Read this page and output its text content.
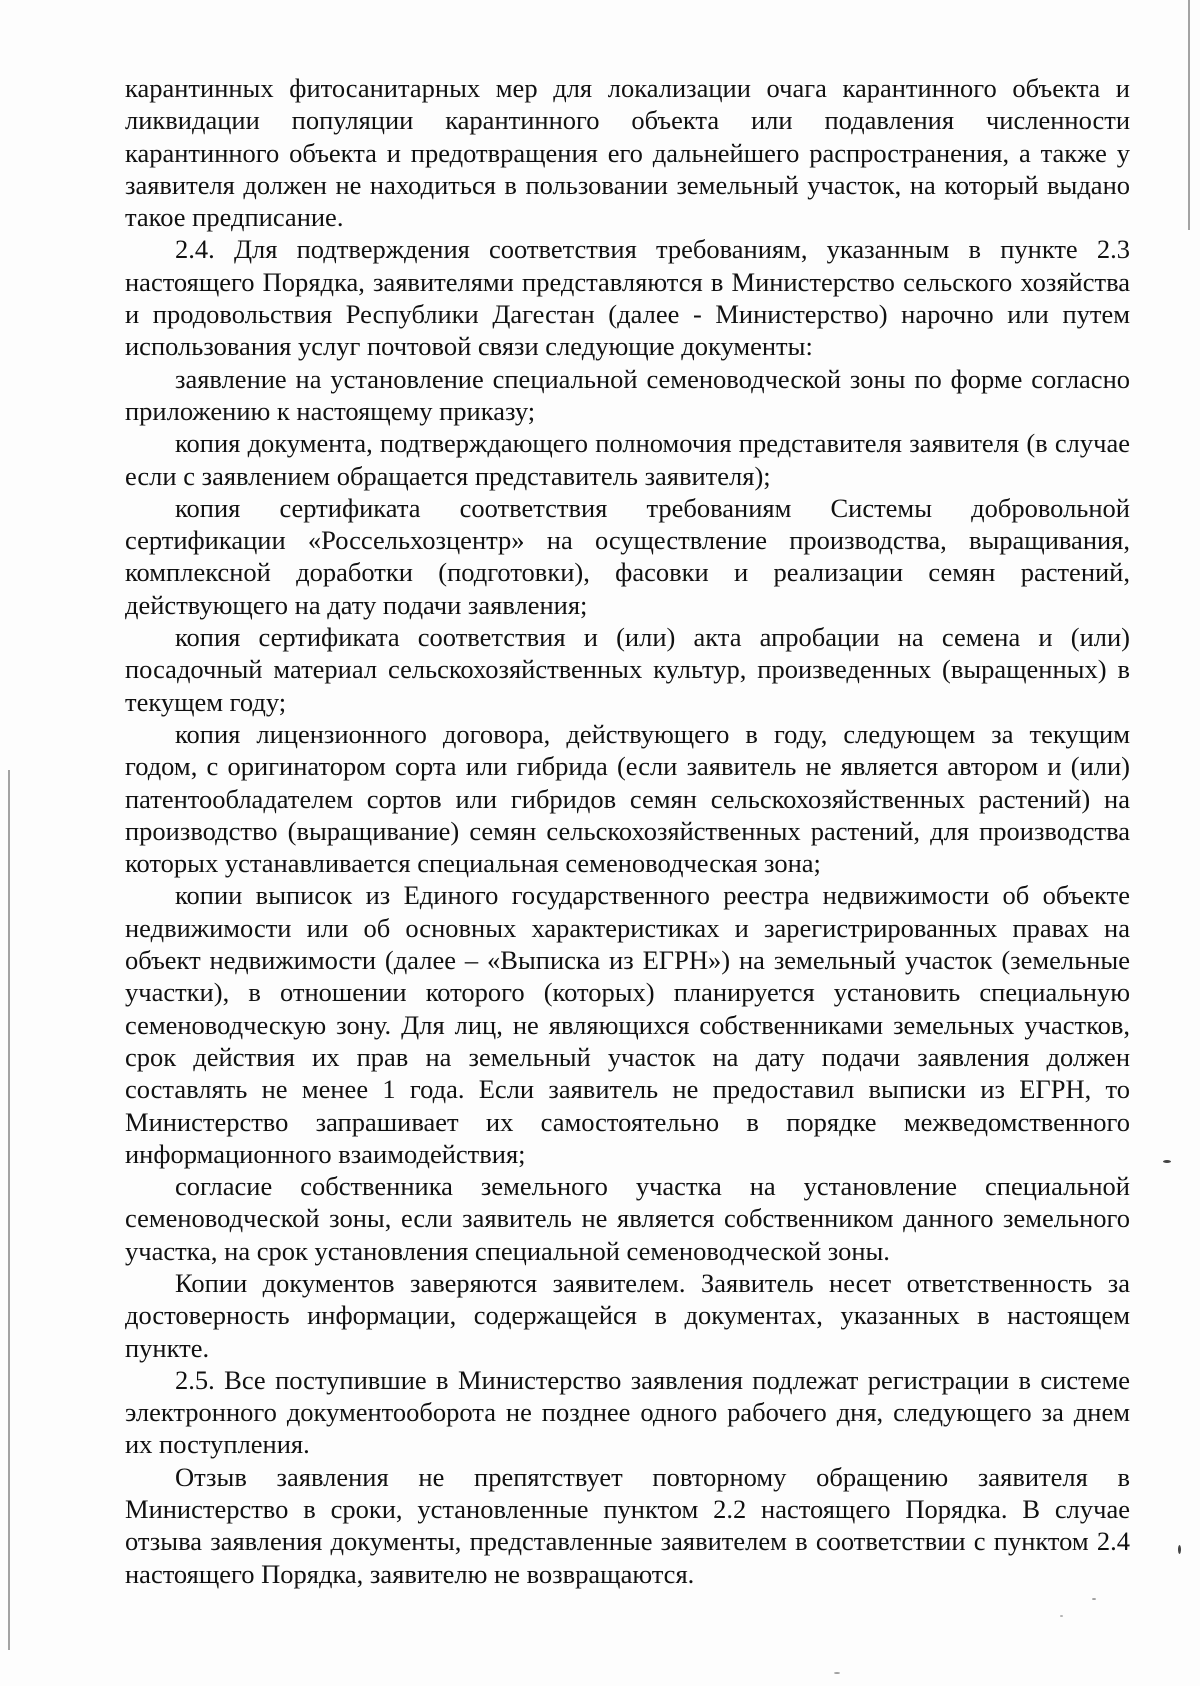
карантинных фитосанитарных мер для локализации очага карантинного объекта и ликвидации популяции карантинного объекта или подавления численности карантинного объекта и предотвращения его дальнейшего распространения, а также у заявителя должен не находиться в пользовании земельный участок, на который выдано такое предписание.

2.4. Для подтверждения соответствия требованиям, указанным в пункте 2.3 настоящего Порядка, заявителями представляются в Министерство сельского хозяйства и продовольствия Республики Дагестан (далее - Министерство) нарочно или путем использования услуг почтовой связи следующие документы:

заявление на установление специальной семеноводческой зоны по форме согласно приложению к настоящему приказу;

копия документа, подтверждающего полномочия представителя заявителя (в случае если с заявлением обращается представитель заявителя);

копия сертификата соответствия требованиям Системы добровольной сертификации «Россельхозцентр» на осуществление производства, выращивания, комплексной доработки (подготовки), фасовки и реализации семян растений, действующего на дату подачи заявления;

копия сертификата соответствия и (или) акта апробации на семена и (или) посадочный материал сельскохозяйственных культур, произведенных (выращенных) в текущем году;

копия лицензионного договора, действующего в году, следующем за текущим годом, с оригинатором сорта или гибрида (если заявитель не является автором и (или) патентообладателем сортов или гибридов семян сельскохозяйственных растений) на производство (выращивание) семян сельскохозяйственных растений, для производства которых устанавливается специальная семеноводческая зона;

копии выписок из Единого государственного реестра недвижимости об объекте недвижимости или об основных характеристиках и зарегистрированных правах на объект недвижимости (далее – «Выписка из ЕГРН») на земельный участок (земельные участки), в отношении которого (которых) планируется установить специальную семеноводческую зону. Для лиц, не являющихся собственниками земельных участков, срок действия их прав на земельный участок на дату подачи заявления должен составлять не менее 1 года. Если заявитель не предоставил выписки из ЕГРН, то Министерство запрашивает их самостоятельно в порядке межведомственного информационного взаимодействия;

согласие собственника земельного участка на установление специальной семеноводческой зоны, если заявитель не является собственником данного земельного участка, на срок установления специальной семеноводческой зоны.

Копии документов заверяются заявителем. Заявитель несет ответственность за достоверность информации, содержащейся в документах, указанных в настоящем пункте.

2.5. Все поступившие в Министерство заявления подлежат регистрации в системе электронного документооборота не позднее одного рабочего дня, следующего за днем их поступления.

Отзыв заявления не препятствует повторному обращению заявителя в Министерство в сроки, установленные пунктом 2.2 настоящего Порядка. В случае отзыва заявления документы, представленные заявителем в соответствии с пунктом 2.4 настоящего Порядка, заявителю не возвращаются.
